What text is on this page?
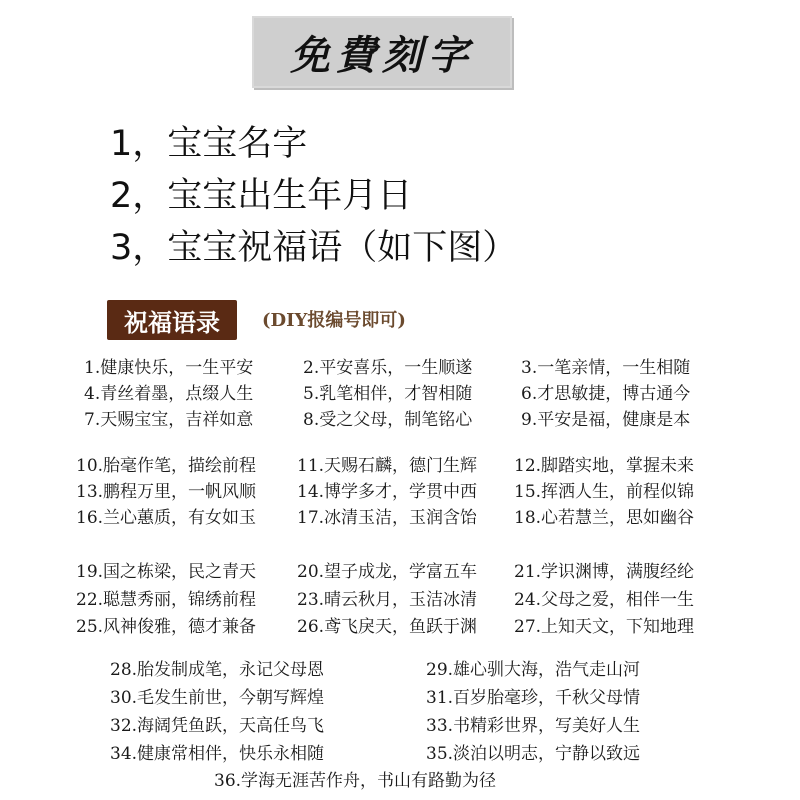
免費刻字
1，宝宝名字
2，宝宝出生年月日
3，宝宝祝福语（如下图）
祝福语录	(DIY报编号即可)
1.健康快乐，一生平安	2.平安喜乐，一生顺遂	3.一笔亲情，一生相随
4.青丝着墨，点缀人生	5.乳笔相伴，才智相随	6.才思敏捷，博古通今
7.天赐宝宝，吉祥如意	8.受之父母，制笔铭心	9.平安是福，健康是本
10.胎毫作笔，描绘前程 11.天赐石麟，德门生辉 12.脚踏实地，掌握未来
13.鹏程万里，一帆风顺 14.博学多才，学贯中西 15.挥洒人生，前程似锦
16.兰心蕙质，有女如玉 17.冰清玉洁，玉润含饴 18.心若慧兰，思如幽谷
19.国之栋梁，民之青天 20.望子成龙，学富五车 21.学识渊博，满腹经纶
22.聪慧秀丽，锦绣前程 23.晴云秋月，玉洁冰清 24.父母之爱，相伴一生
25.风神俊雅，德才兼备 26.鸢飞戾天，鱼跃于渊 27.上知天文，下知地理
28.胎发制成笔，永记父母恩	29.雄心驯大海，浩气走山河
30.毛发生前世，今朝写辉煌	31.百岁胎毫珍，千秋父母情
32.海阔凭鱼跃，天高任鸟飞	33.书精彩世界，写美好人生
34.健康常相伴，快乐永相随	35.淡泊以明志，宁静以致远
36.学海无涯苦作舟，书山有路勤为径
